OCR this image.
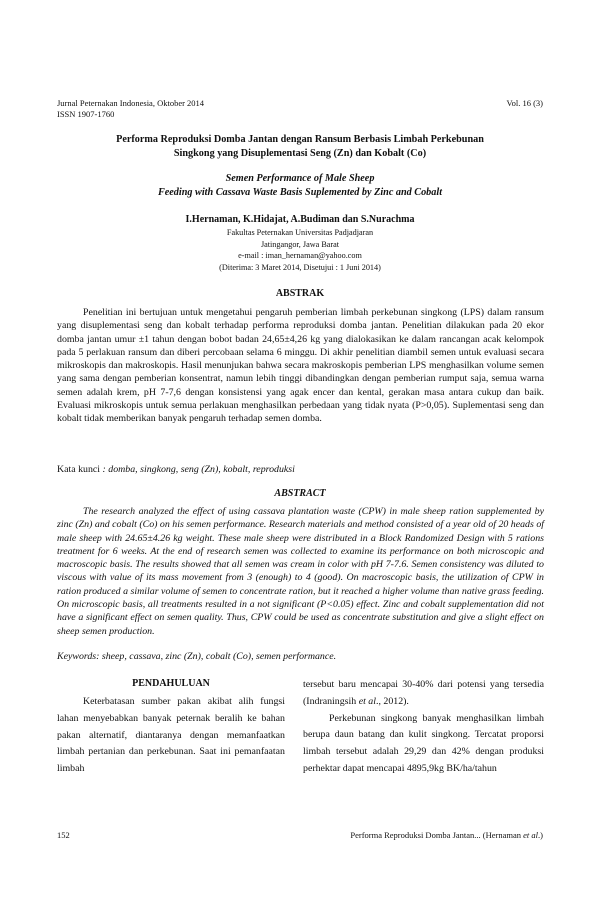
Jurnal Peternakan Indonesia, Oktober 2014
ISSN 1907-1760
Vol. 16 (3)
Performa Reproduksi Domba Jantan dengan Ransum Berbasis Limbah Perkebunan
Singkong yang Disuplementasi Seng (Zn) dan Kobalt (Co)
Semen Performance of Male Sheep
Feeding with Cassava Waste Basis Suplemented by Zinc and Cobalt
I.Hernaman, K.Hidajat, A.Budiman dan S.Nurachma
Fakultas Peternakan Universitas Padjadjaran
Jatingangor, Jawa Barat
e-mail : iman_hernaman@yahoo.com
(Diterima: 3 Maret 2014, Disetujui : 1 Juni 2014)
ABSTRAK

Penelitian ini bertujuan untuk mengetahui pengaruh pemberian limbah perkebunan singkong (LPS) dalam ransum yang disuplementasi seng dan kobalt terhadap performa reproduksi domba jantan. Penelitian dilakukan pada 20 ekor domba jantan umur ±1 tahun dengan bobot badan 24,65±4,26 kg yang dialokasikan ke dalam rancangan acak kelompok pada 5 perlakuan ransum dan diberi percobaan selama 6 minggu. Di akhir penelitian diambil semen untuk evaluasi secara mikroskopis dan makroskopis. Hasil menunjukan bahwa secara makroskopis pemberian LPS menghasilkan volume semen yang sama dengan pemberian konsentrat, namun lebih tinggi dibandingkan dengan pemberian rumput saja, semua warna semen adalah krem, pH 7-7,6 dengan konsistensi yang agak encer dan kental, gerakan masa antara cukup dan baik. Evaluasi mikroskopis untuk semua perlakuan menghasilkan perbedaan yang tidak nyata (P>0,05). Suplementasi seng dan kobalt tidak memberikan banyak pengaruh terhadap semen domba.

Kata kunci : domba, singkong, seng (Zn), kobalt, reproduksi
ABSTRACT

The research analyzed the effect of using cassava plantation waste (CPW) in male sheep ration supplemented by zinc (Zn) and cobalt (Co) on his semen performance. Research materials and method consisted of a year old of 20 heads of male sheep with 24.65±4.26 kg weight. These male sheep were distributed in a Block Randomized Design with 5 rations treatment for 6 weeks. At the end of research semen was collected to examine its performance on both microscopic and macroscopic basis. The results showed that all semen was cream in color with pH 7-7.6. Semen consistency was diluted to viscous with value of its mass movement from 3 (enough) to 4 (good). On macroscopic basis, the utilization of CPW in ration produced a similar volume of semen to concentrate ration, but it reached a higher volume than native grass feeding. On microscopic basis, all treatments resulted in a not significant (P<0.05) effect. Zinc and cobalt supplementation did not have a significant effect on semen quality. Thus, CPW could be used as concentrate substitution and give a slight effect on sheep semen production.

Keywords: sheep, cassava, zinc (Zn), cobalt (Co), semen performance.
PENDAHULUAN

Keterbatasan sumber pakan akibat alih fungsi lahan menyebabkan banyak peternak beralih ke bahan pakan alternatif, diantaranya dengan memanfaatkan limbah pertanian dan perkebunan. Saat ini pemanfaatan limbah

tersebut baru mencapai 30-40% dari potensi yang tersedia (Indraningsih et al., 2012).

Perkebunan singkong banyak menghasilkan limbah berupa daun batang dan kulit singkong. Tercatat proporsi limbah tersebut adalah 29,29 dan 42% dengan produksi perhektar dapat mencapai 4895,9kg BK/ha/tahun

152	Performa Reproduksi Domba Jantan... (Hernaman et al.)
